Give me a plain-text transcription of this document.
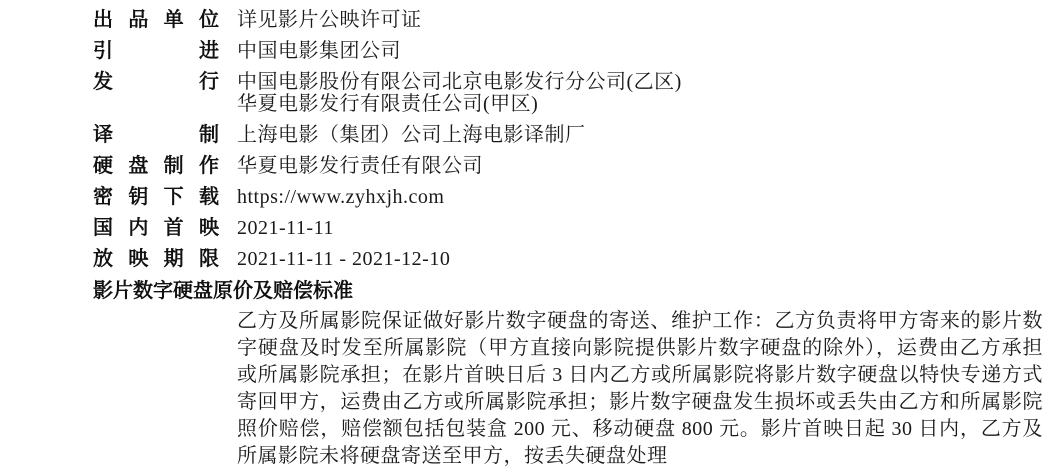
出 品 单 位 详见影片公映许可证
引	进 中国电影集团公司
发	行 中国电影股份有限公司北京电影发行分公司(乙区)
华夏电影发行有限责任公司(甲区)
译	制 上海电影（集团）公司上海电影译制厂
硬 盘 制 作 华夏电影发行责任有限公司
密 钥 下 载 https://www.zyhxjh.com
国 内 首 映 2021-11-11
放 映 期 限 2021-11-11 - 2021-12-10
影片数字硬盘原价及赔偿标准
乙方及所属影院保证做好影片数字硬盘的寄送、维护工作：乙方负责将甲方寄来的影片数字硬盘及时发至所属影院（甲方直接向影院提供影片数字硬盘的除外），运费由乙方承担或所属影院承担；在影片首映日后 3 日内乙方或所属影院将影片数字硬盘以特快专递方式寄回甲方，运费由乙方或所属影院承担；影片数字硬盘发生损坏或丢失由乙方和所属影院照价赔偿，赔偿额包括包装盒 200 元、移动硬盘 800 元。影片首映日起 30 日内，乙方及所属影院未将硬盘寄送至甲方，按丢失硬盘处理
